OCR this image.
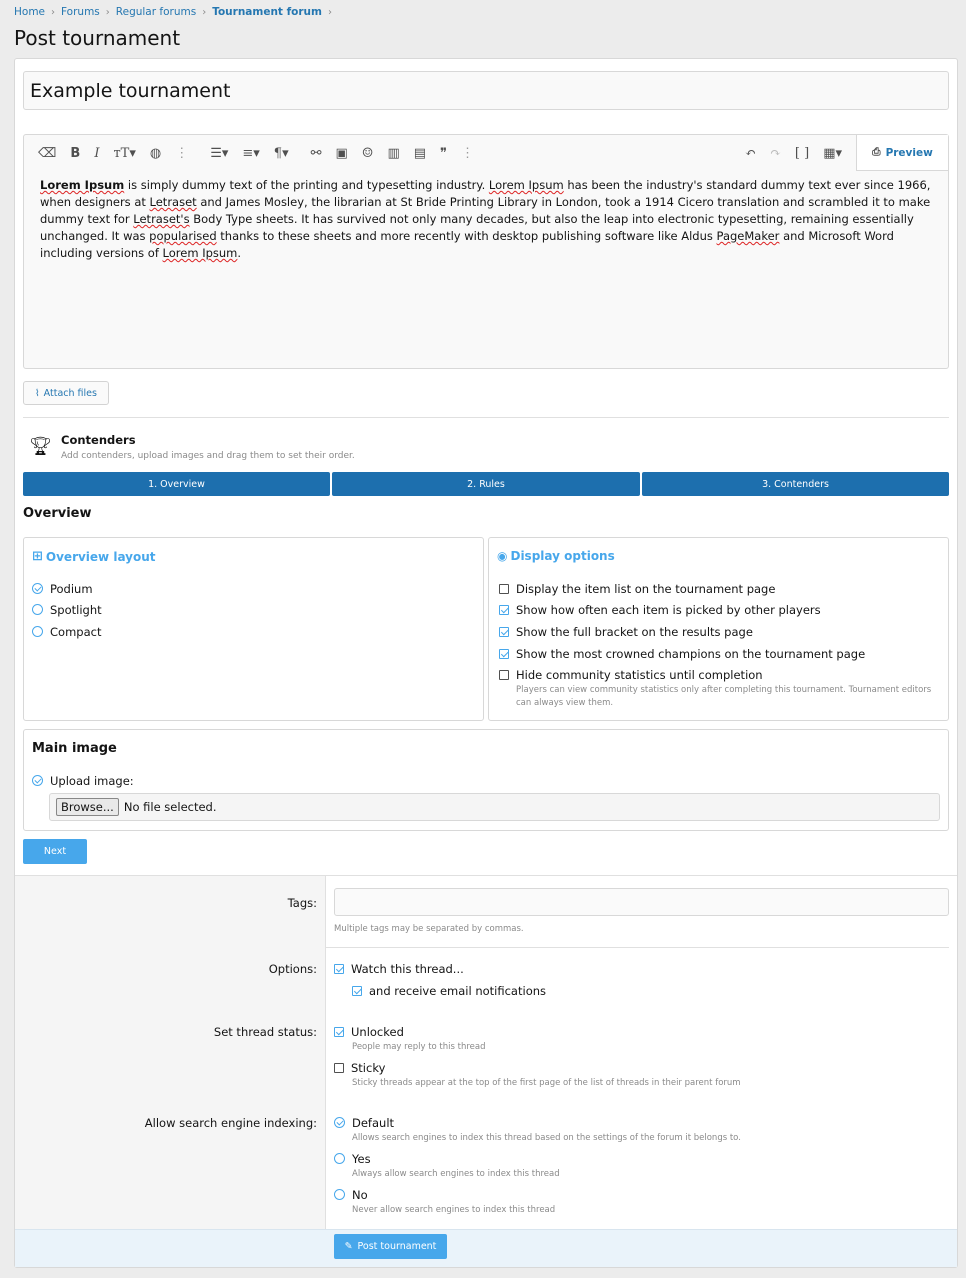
Home › Forums › Regular forums › Tournament forum ›
Post tournament
Example tournament
⌫ B I тT▾ ◍ ⋮ ☰▾ ≡▾ ¶▾ ⚯ ▣ ☺ ▥ ▤ ❞ ⋮	↶ ↷ [ ] ▦▾	⎙ Preview
Lorem Ipsum is simply dummy text of the printing and typesetting industry. Lorem Ipsum has been the industry's standard dummy text ever since 1966, when designers at Letraset and James Mosley, the librarian at St Bride Printing Library in London, took a 1914 Cicero translation and scrambled it to make dummy text for Letraset's Body Type sheets. It has survived not only many decades, but also the leap into electronic typesetting, remaining essentially unchanged. It was popularised thanks to these sheets and more recently with desktop publishing software like Aldus PageMaker and Microsoft Word including versions of Lorem Ipsum.
⌇ Attach files
🏆︎ Contenders
Add contenders, upload images and drag them to set their order.
1. Overview	2. Rules	3. Contenders
Overview
⊞ Overview layout
Podium
Spotlight
Compact
◉ Display options
Display the item list on the tournament page
Show how often each item is picked by other players
Show the full bracket on the results page
Show the most crowned champions on the tournament page
Hide community statistics until completion
Players can view community statistics only after completing this tournament. Tournament editors can always view them.
Main image
Upload image:
Browse... No file selected.
Next
Tags:
Multiple tags may be separated by commas.
Options:	Watch this thread...
and receive email notifications
Set thread status:	Unlocked
People may reply to this thread
Sticky
Sticky threads appear at the top of the first page of the list of threads in their parent forum
Allow search engine indexing:	Default
Allows search engines to index this thread based on the settings of the forum it belongs to.
Yes
Always allow search engines to index this thread
No
Never allow search engines to index this thread
✎ Post tournament
